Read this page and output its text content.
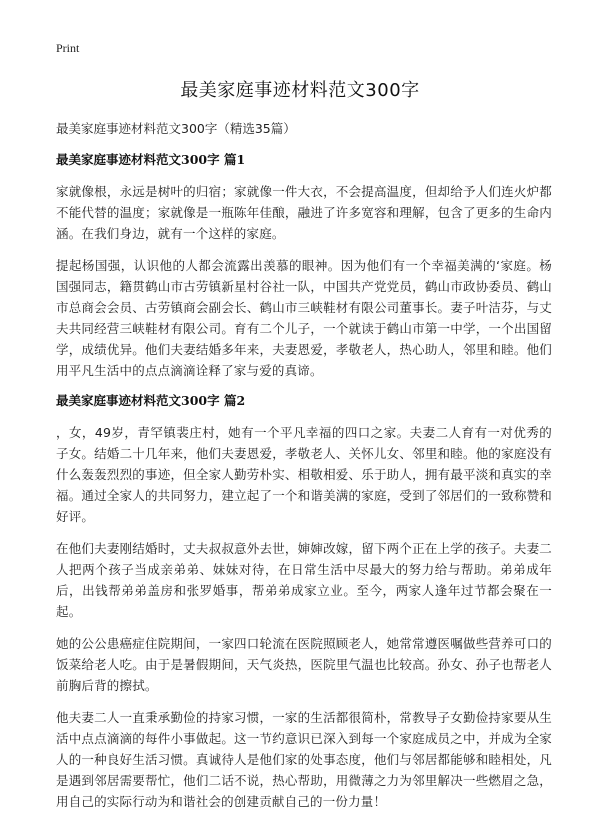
Print
最美家庭事迹材料范文300字

最美家庭事迹材料范文300字（精选35篇）

最美家庭事迹材料范文300字 篇1

家就像根，永远是树叶的归宿；家就像一件大衣，不会提高温度，但却给予人们连火炉都不能代替的温度；家就像是一瓶陈年佳酿，融进了许多宽容和理解，包含了更多的生命内涵。在我们身边，就有一个这样的家庭。

提起杨国强，认识他的人都会流露出羡慕的眼神。因为他们有一个幸福美满的‘家庭。杨国强同志，籍贯鹤山市古劳镇新星村谷社一队，中国共产党党员，鹤山市政协委员、鹤山市总商会会员、古劳镇商会副会长、鹤山市三峡鞋材有限公司董事长。妻子叶洁芬，与丈夫共同经营三峡鞋材有限公司。育有二个儿子，一个就读于鹤山市第一中学，一个出国留学，成绩优异。他们夫妻结婚多年来，夫妻恩爱，孝敬老人，热心助人，邻里和睦。他们用平凡生活中的点点滴滴诠释了家与爱的真谛。

最美家庭事迹材料范文300字 篇2

，女，49岁，青罕镇裴庄村，她有一个平凡幸福的四口之家。夫妻二人育有一对优秀的子女。结婚二十几年来，他们夫妻恩爱，孝敬老人、关怀儿女、邻里和睦。他的家庭没有什么轰轰烈烈的事迹，但全家人勤劳朴实、相敬相爱、乐于助人，拥有最平淡和真实的幸福。通过全家人的共同努力，建立起了一个和谐美满的家庭，受到了邻居们的一致称赞和好评。

在他们夫妻刚结婚时，丈夫叔叔意外去世，婶婶改嫁，留下两个正在上学的孩子。夫妻二人把两个孩子当成亲弟弟、妹妹对待，在日常生活中尽最大的努力给与帮助。弟弟成年后，出钱帮弟弟盖房和张罗婚事，帮弟弟成家立业。至今，两家人逢年过节都会聚在一起。

她的公公患癌症住院期间，一家四口轮流在医院照顾老人，她常常遵医嘱做些营养可口的饭菜给老人吃。由于是暑假期间，天气炎热，医院里气温也比较高。孙女、孙子也帮老人前胸后背的擦拭。

他夫妻二人一直秉承勤俭的持家习惯，一家的生活都很简朴，常教导子女勤俭持家要从生活中点点滴滴的每件小事做起。这一节约意识已深入到每一个家庭成员之中，并成为全家人的一种良好生活习惯。真诚待人是他们家的处事态度，他们与邻居都能够和睦相处，凡是遇到邻居需要帮忙，他们二话不说，热心帮助，用微薄之力为邻里解决一些燃眉之急，用自己的实际行动为和谐社会的创建贡献自己的一份力量！
